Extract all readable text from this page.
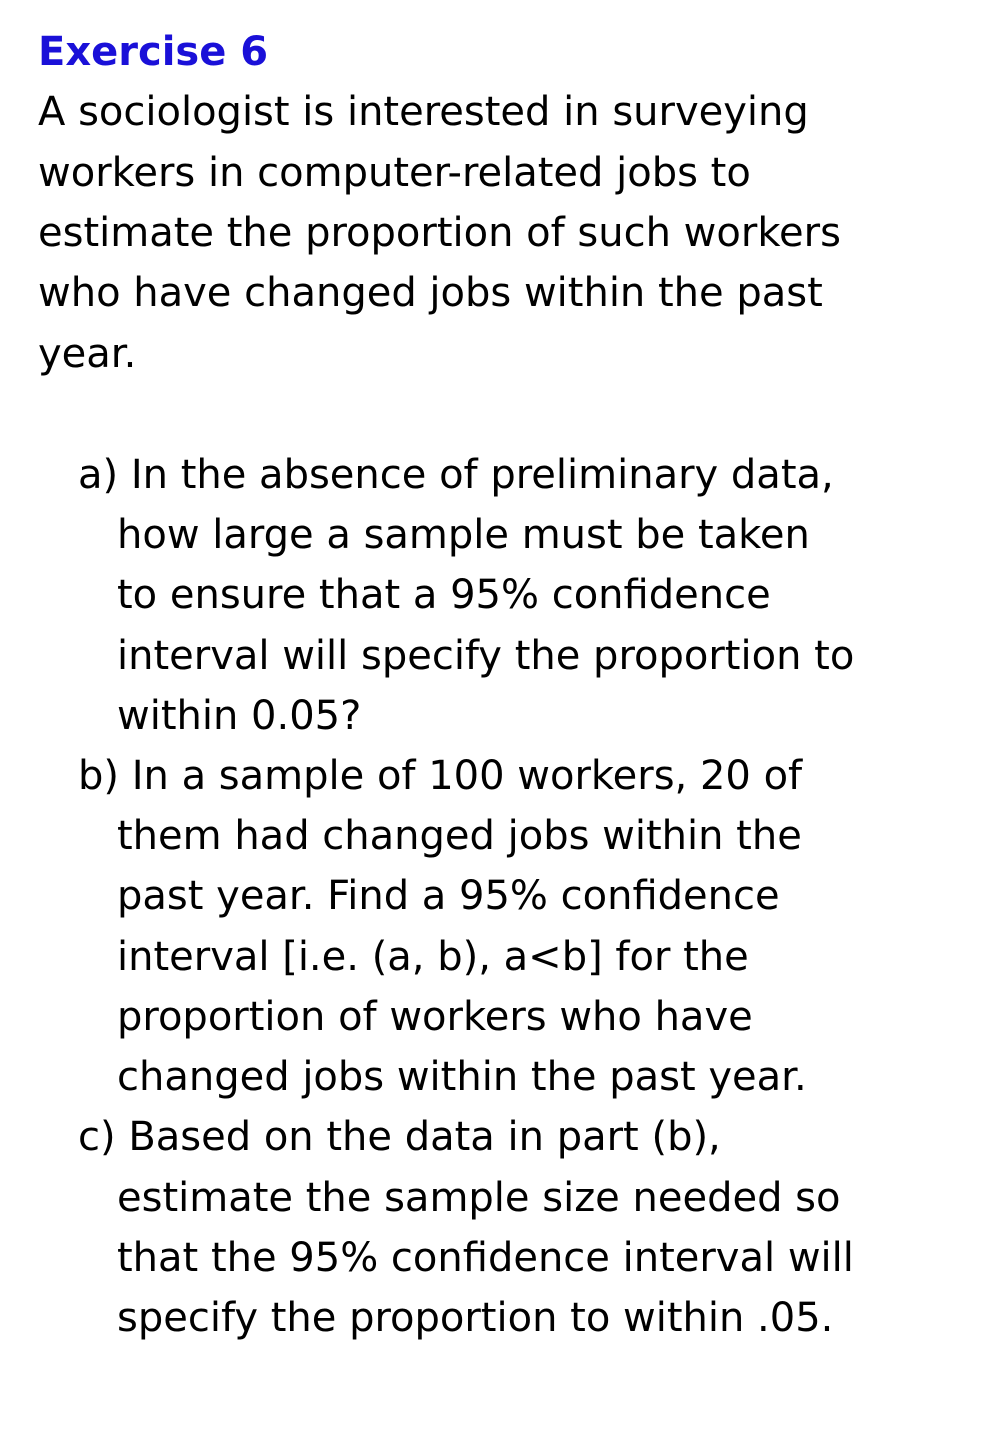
Exercise 6
A sociologist is interested in surveying
workers in computer-related jobs to
estimate the proportion of such workers
who have changed jobs within the past
year.
a) In the absence of preliminary data,
how large a sample must be taken
to ensure that a 95% confidence
interval will specify the proportion to
within 0.05?
b) In a sample of 100 workers, 20 of
them had changed jobs within the
past year. Find a 95% confidence
interval [i.e. (a, b), a<b] for the
proportion of workers who have
changed jobs within the past year.
c) Based on the data in part (b),
estimate the sample size needed so
that the 95% confidence interval will
specify the proportion to within .05.
